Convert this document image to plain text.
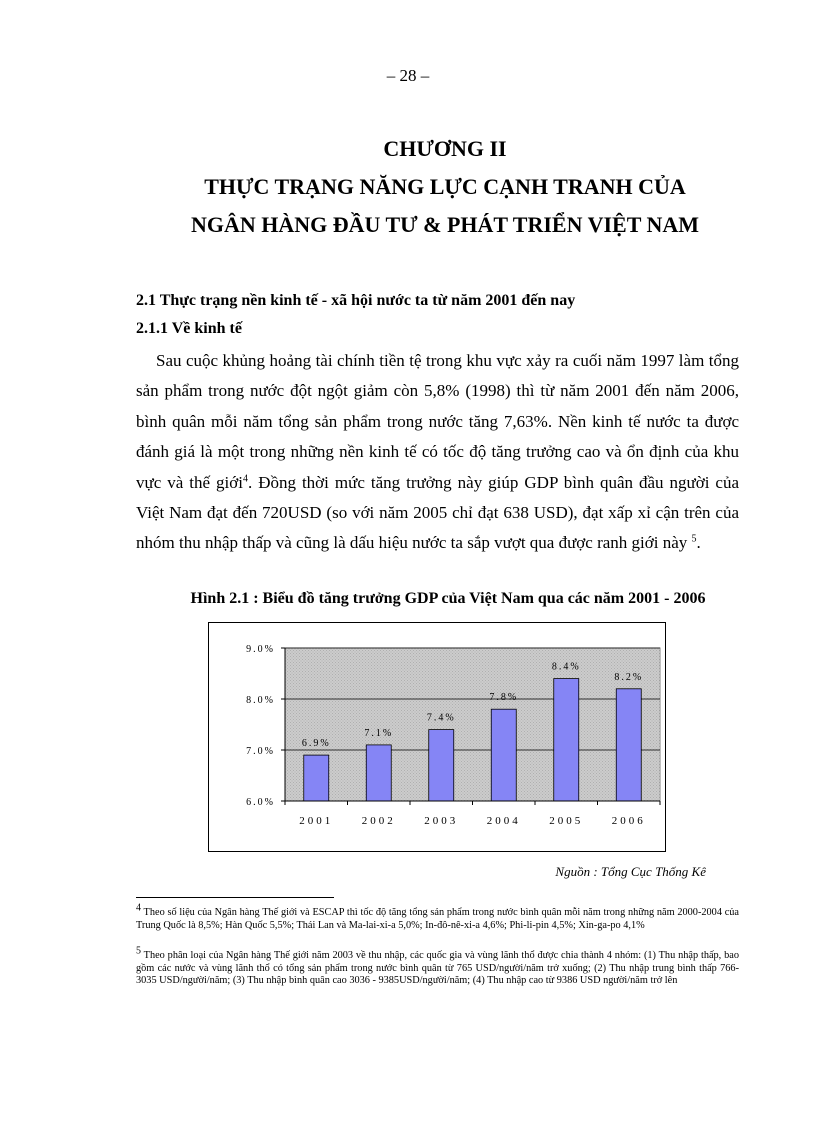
– 28 –
CHƯƠNG II
THỰC TRẠNG NĂNG LỰC CẠNH TRANH CỦA
NGÂN HÀNG ĐẦU TƯ & PHÁT TRIỂN VIỆT NAM
2.1 Thực trạng nền kinh tế - xã hội nước ta từ năm 2001 đến nay
2.1.1 Về kinh tế

Sau cuộc khủng hoảng tài chính tiền tệ trong khu vực xảy ra cuối năm 1997 làm tổng sản phẩm trong nước đột ngột giảm còn 5,8% (1998) thì từ năm 2001 đến năm 2006, bình quân mỗi năm tổng sản phẩm trong nước tăng 7,63%. Nền kinh tế nước ta được đánh giá là một trong những nền kinh tế có tốc độ tăng trưởng cao và ổn định của khu vực và thế giới$^4$. Đồng thời mức tăng trưởng này giúp GDP bình quân đầu người của Việt Nam đạt đến 720USD (so với năm 2005 chỉ đạt 638 USD), đạt xấp xỉ cận trên của nhóm thu nhập thấp và cũng là dấu hiệu nước ta sắp vượt qua được ranh giới này $^5$.

Hình 2.1 : Biểu đồ tăng trưởng GDP của Việt Nam qua các năm 2001 - 2006
6.0%
7.0%
8.0%
9.0%
2001
6.9%
2002
7.1%
2003
7.4%
2004
7.8%
2005
8.4%
2006
8.2%
Nguồn : Tổng Cục Thống Kê

$^4$ Theo số liệu của Ngân hàng Thế giới và ESCAP thì tốc độ tăng tổng sản phẩm trong nước bình quân mỗi năm trong những năm 2000-2004 của Trung Quốc là 8,5%; Hàn Quốc 5,5%; Thái Lan và Ma-lai-xi-a 5,0%; In-đô-nê-xi-a 4,6%; Phi-li-pin 4,5%; Xin-ga-po 4,1%

$^5$ Theo phân loại của Ngân hàng Thế giới năm 2003 về thu nhập, các quốc gia và vùng lãnh thổ được chia thành 4 nhóm: (1) Thu nhập thấp, bao gồm các nước và vùng lãnh thổ có tổng sản phẩm trong nước bình quân từ 765 USD/người/năm trở xuống; (2) Thu nhập trung bình thấp 766-3035 USD/người/năm; (3) Thu nhập bình quân cao 3036 - 9385USD/người/năm; (4) Thu nhập cao từ 9386 USD người/năm trở lên
